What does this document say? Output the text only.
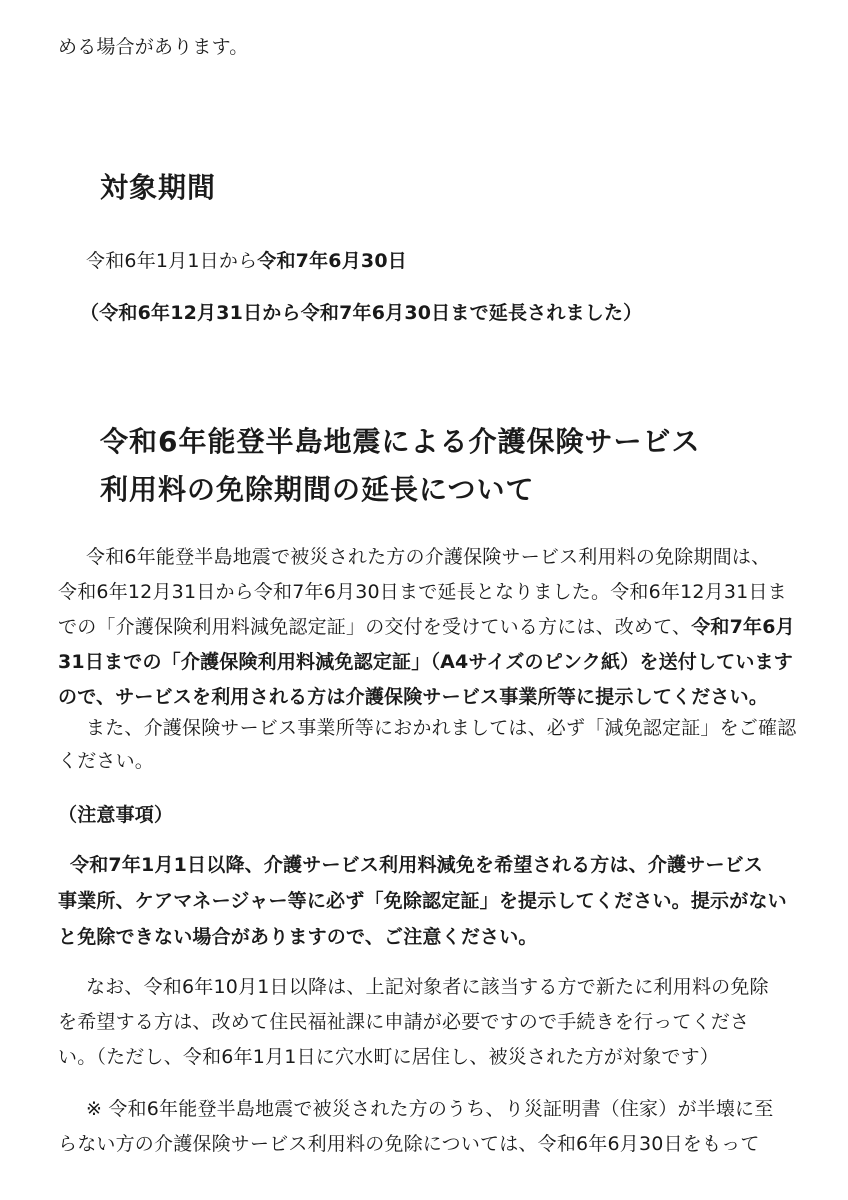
める場合があります。
対象期間
令和6年1月1日から令和7年6月30日
（令和6年12月31日から令和7年6月30日まで延長されました）
令和6年能登半島地震による介護保険サービス
利用料の免除期間の延長について
令和6年能登半島地震で被災された方の介護保険サービス利用料の免除期間は、
令和6年12月31日から令和7年6月30日まで延長となりました。令和6年12月31日ま
での「介護保険利用料減免認定証」の交付を受けている方には、改めて、令和7年6月
31日までの「介護保険利用料減免認定証」（A4サイズのピンク紙）を送付しています
ので、サービスを利用される方は介護保険サービス事業所等に提示してください。
また、介護保険サービス事業所等におかれましては、必ず「減免認定証」をご確認
ください。
（注意事項）
令和7年1月1日以降、介護サービス利用料減免を希望される方は、介護サービス
事業所、ケアマネージャー等に必ず「免除認定証」を提示してください。提示がない
と免除できない場合がありますので、ご注意ください。
なお、令和6年10月1日以降は、上記対象者に該当する方で新たに利用料の免除
を希望する方は、改めて住民福祉課に申請が必要ですので手続きを行ってくださ
い。（ただし、令和6年1月1日に穴水町に居住し、被災された方が対象です）
※ 令和6年能登半島地震で被災された方のうち、り災証明書（住家）が半壊に至
らない方の介護保険サービス利用料の免除については、令和6年6月30日をもって
